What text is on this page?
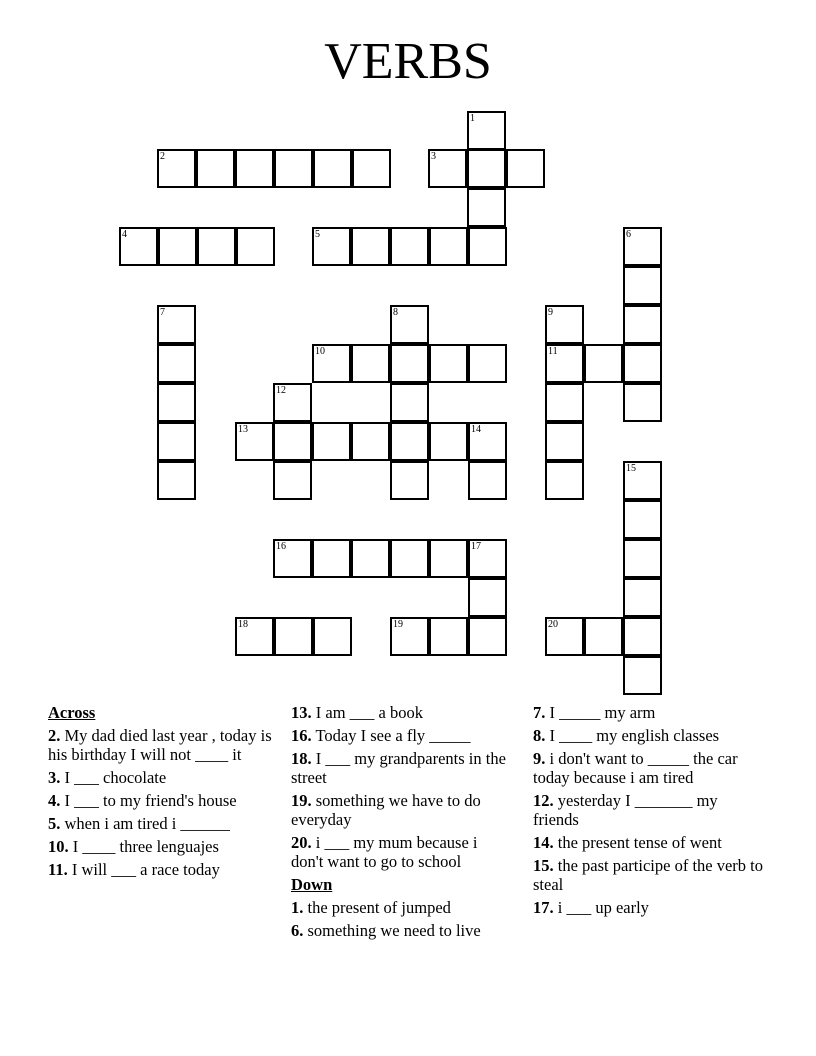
VERBS
1
2	3
4	5	6
7	8	9
10	11
12
13	14
15
16	17
18	19	20
Across
2. My dad died last year , today is his birthday I will not ____ it
3. I ___ chocolate
4. I ___ to my friend's house
5. when i am tired i ______
10. I ____ three lenguajes
11. I will ___ a race today
13. I am ___ a book
16. Today I see a fly _____
18. I ___ my grandparents in the street
19. something we have to do everyday
20. i ___ my mum because i don't want to go to school
Down
1. the present of jumped
6. something we need to live
7. I _____ my arm
8. I ____ my english classes
9. i don't want to _____ the car today because i am tired
12. yesterday I _______ my friends
14. the present tense of went
15. the past participe of the verb to steal
17. i ___ up early
